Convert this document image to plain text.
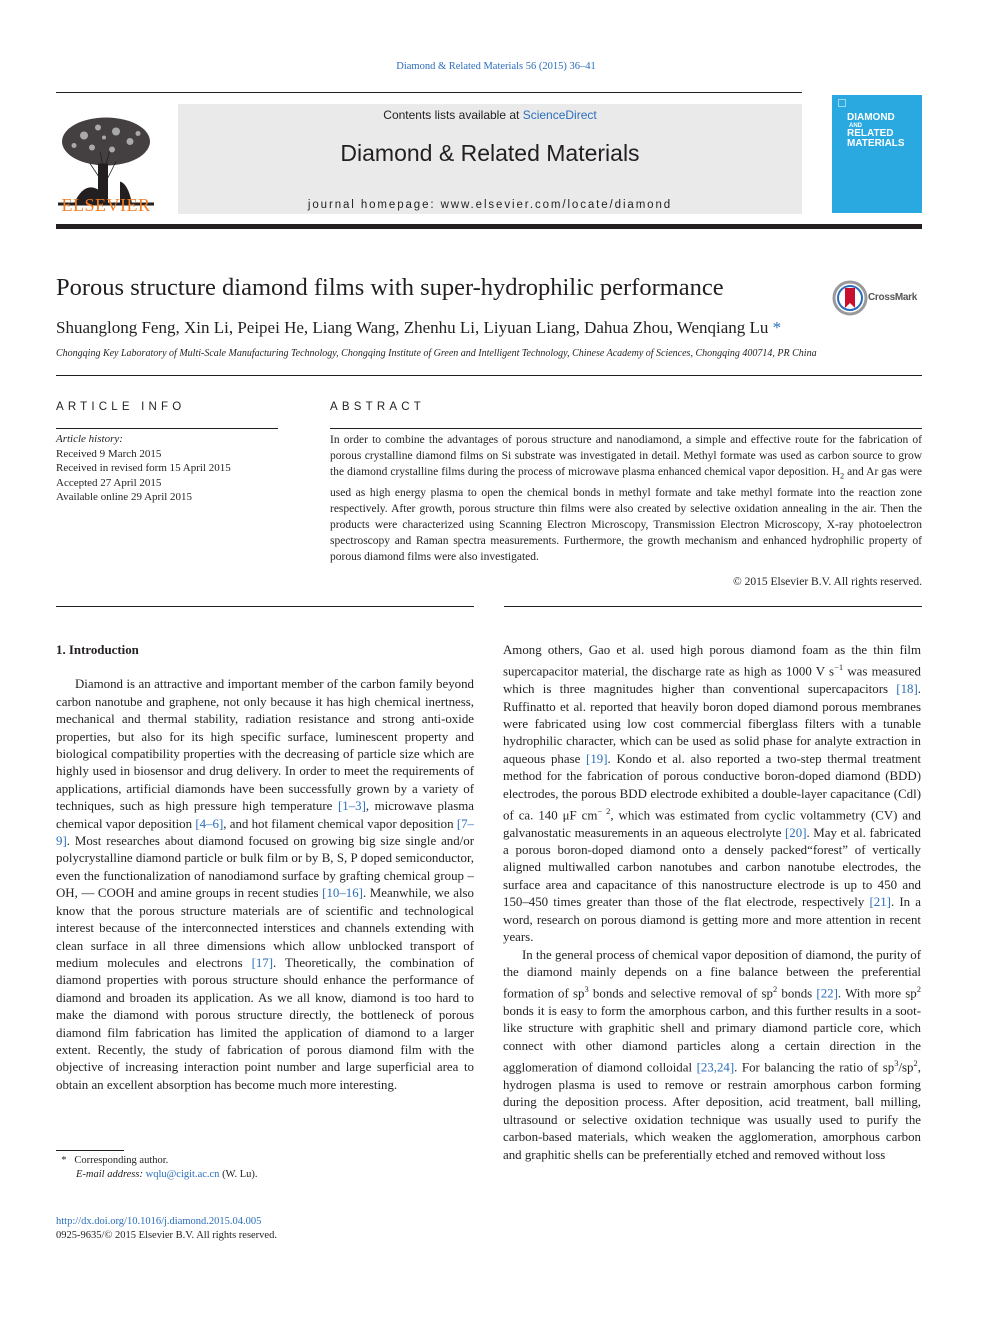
Diamond & Related Materials 56 (2015) 36–41
ELSEVIER
Contents lists available at ScienceDirect
Diamond & Related Materials
journal homepage: www.elsevier.com/locate/diamond
DIAMOND
AND
RELATED
MATERIALS
Porous structure diamond films with super-hydrophilic performance	CrossMark
Shuanglong Feng, Xin Li, Peipei He, Liang Wang, Zhenhu Li, Liyuan Liang, Dahua Zhou, Wenqiang Lu *
Chongqing Key Laboratory of Multi-Scale Manufacturing Technology, Chongqing Institute of Green and Intelligent Technology, Chinese Academy of Sciences, Chongqing 400714, PR China
ARTICLE INFO	ABSTRACT
Article history:
Received 9 March 2015
Received in revised form 15 April 2015
Accepted 27 April 2015
Available online 29 April 2015
In order to combine the advantages of porous structure and nanodiamond, a simple and effective route for the fabrication of porous crystalline diamond films on Si substrate was investigated in detail. Methyl formate was used as carbon source to grow the diamond crystalline films during the process of microwave plasma enhanced chemical vapor deposition. $H_2$ and Ar gas were used as high energy plasma to open the chemical bonds in methyl formate and take methyl formate into the reaction zone respectively. After growth, porous structure thin films were also created by selective oxidation annealing in the air. Then the products were characterized using Scanning Electron Microscopy, Transmission Electron Microscopy, X-ray photoelectron spectroscopy and Raman spectra measurements. Furthermore, the growth mechanism and enhanced hydrophilic property of porous diamond films were also investigated.
© 2015 Elsevier B.V. All rights reserved.
1. Introduction

Diamond is an attractive and important member of the carbon family beyond carbon nanotube and graphene, not only because it has high chemical inertness, mechanical and thermal stability, radiation resistance and strong anti-oxide properties, but also for its high specific surface, luminescent property and biological compatibility properties with the decreasing of particle size which are highly used in biosensor and drug delivery. In order to meet the requirements of applications, artificial diamonds have been successfully grown by a variety of techniques, such as high pressure high temperature [1–3], microwave plasma chemical vapor deposition [4–6], and hot filament chemical vapor deposition [7–9]. Most researches about diamond focused on growing big size single and/or polycrystalline diamond particle or bulk film or by B, S, P doped semiconductor, even the functionalization of nanodiamond surface by grafting chemical group –OH, — COOH and amine groups in recent studies [10–16]. Meanwhile, we also know that the porous structure materials are of scientific and technological interest because of the interconnected interstices and channels extending with clean surface in all three dimensions which allow unblocked transport of medium molecules and electrons [17]. Theoretically, the combination of diamond properties with porous structure should enhance the performance of diamond and broaden its application. As we all know, diamond is too hard to make the diamond with porous structure directly, the bottleneck of porous diamond film fabrication has limited the application of diamond to a larger extent. Recently, the study of fabrication of porous diamond film with the objective of increasing interaction point number and large superficial area to obtain an excellent absorption has become much more interesting.

Among others, Gao et al. used high porous diamond foam as the thin film supercapacitor material, the discharge rate as high as 1000 V $s^{-1}$ was measured which is three magnitudes higher than conventional supercapacitors [18]. Ruffinatto et al. reported that heavily boron doped diamond porous membranes were fabricated using low cost commercial fiberglass filters with a tunable hydrophilic character, which can be used as solid phase for analyte extraction in aqueous phase [19]. Kondo et al. also reported a two-step thermal treatment method for the fabrication of porous conductive boron-doped diamond (BDD) electrodes, the porous BDD electrode exhibited a double-layer capacitance (Cdl) of ca. 140 μF $cm^{- 2}$, which was estimated from cyclic voltammetry (CV) and galvanostatic measurements in an aqueous electrolyte [20]. May et al. fabricated a porous boron-doped diamond onto a densely packed“forest” of vertically aligned multiwalled carbon nanotubes and carbon nanotube electrodes, the surface area and capacitance of this nanostructure electrode is up to 450 and 150–450 times greater than those of the flat electrode, respectively [21]. In a word, research on porous diamond is getting more and more attention in recent years.

In the general process of chemical vapor deposition of diamond, the purity of the diamond mainly depends on a fine balance between the preferential formation of $sp^3$ bonds and selective removal of $sp^2$ bonds [22]. With more $sp^2$ bonds it is easy to form the amorphous carbon, and this further results in a soot-like structure with graphitic shell and primary diamond particle core, which connect with other diamond particles along a certain direction in the agglomeration of diamond colloidal [23,24]. For balancing the ratio of $sp^3/sp^2$, hydrogen plasma is used to remove or restrain amorphous carbon forming during the deposition process. After deposition, acid treatment, ball milling, ultrasound or selective oxidation technique was usually used to purify the carbon-based materials, which weaken the agglomeration, amorphous carbon and graphitic shells can be preferentially etched and removed without loss

* Corresponding author.
E-mail address: wqlu@cigit.ac.cn (W. Lu).
http://dx.doi.org/10.1016/j.diamond.2015.04.005
0925-9635/© 2015 Elsevier B.V. All rights reserved.
